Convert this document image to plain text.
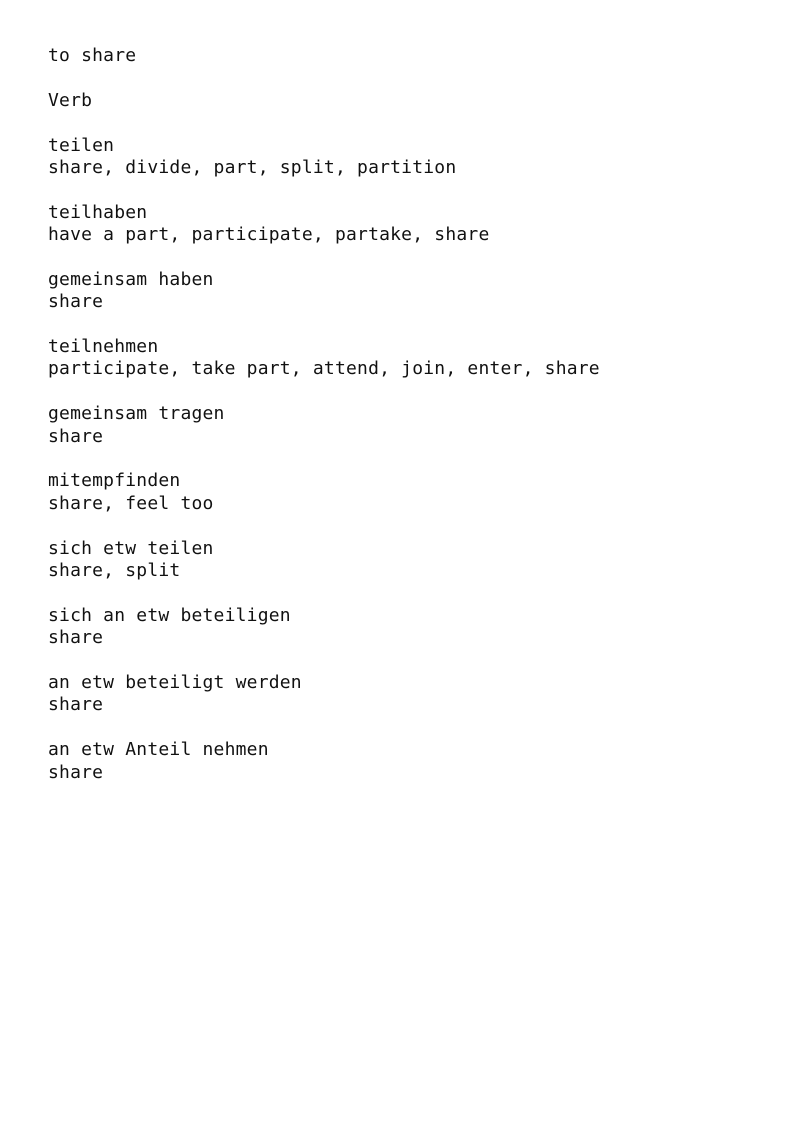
to share
Verb
teilen
share, divide, part, split, partition
teilhaben
have a part, participate, partake, share
gemeinsam haben
share
teilnehmen
participate, take part, attend, join, enter, share
gemeinsam tragen
share
mitempfinden
share, feel too
sich etw teilen
share, split
sich an etw beteiligen
share
an etw beteiligt werden
share
an etw Anteil nehmen
share
